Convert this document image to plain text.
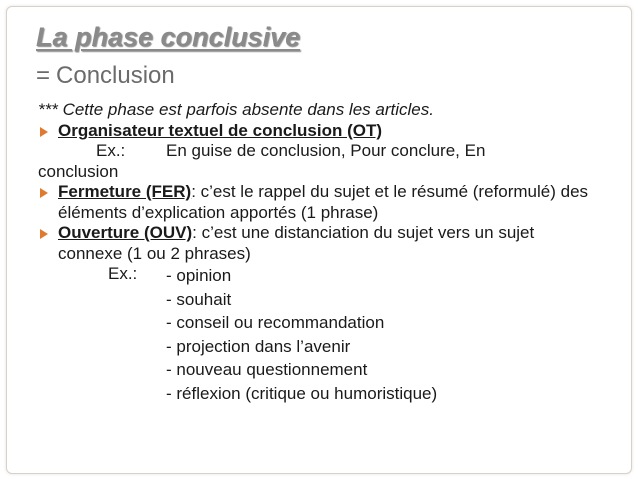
La phase conclusive
= Conclusion
*** Cette phase est parfois absente dans les articles.
Organisateur textuel de conclusion (OT)
Ex.: En guise de conclusion, Pour conclure, En
conclusion
Fermeture (FER): c’est le rappel du sujet et le résumé (reformulé) des éléments d’explication apportés (1 phrase)
Ouverture (OUV): c’est une distanciation du sujet vers un sujet connexe (1 ou 2 phrases)
Ex.: - opinion
- souhait
- conseil ou recommandation
- projection dans l’avenir
- nouveau questionnement
- réflexion (critique ou humoristique)
